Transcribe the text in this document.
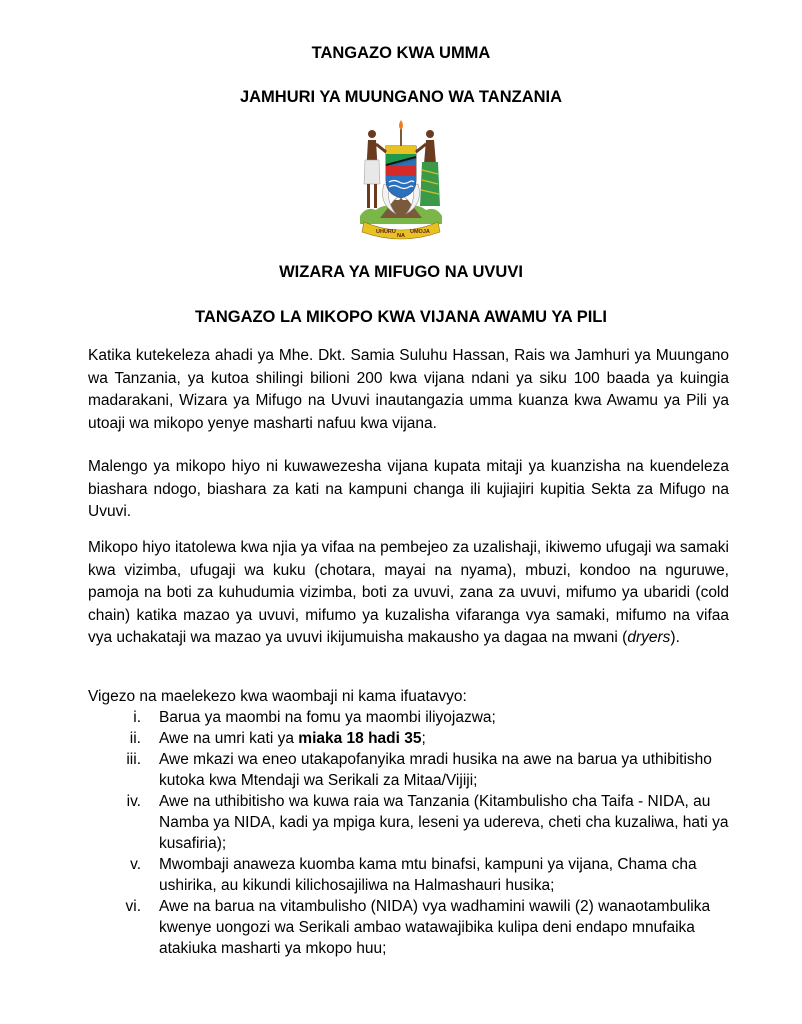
TANGAZO KWA UMMA
JAMHURI YA MUUNGANO WA TANZANIA
UHURU
NA
UMOJA
WIZARA YA MIFUGO NA UVUVI
TANGAZO LA MIKOPO KWA VIJANA AWAMU YA PILI

Katika kutekeleza ahadi ya Mhe. Dkt. Samia Suluhu Hassan, Rais wa Jamhuri ya Muungano wa Tanzania, ya kutoa shilingi bilioni 200 kwa vijana ndani ya siku 100 baada ya kuingia madarakani, Wizara ya Mifugo na Uvuvi inautangazia umma kuanza kwa Awamu ya Pili ya utoaji wa mikopo yenye masharti nafuu kwa vijana.

Malengo ya mikopo hiyo ni kuwawezesha vijana kupata mitaji ya kuanzisha na kuendeleza biashara ndogo, biashara za kati na kampuni changa ili kujiajiri kupitia Sekta za Mifugo na Uvuvi.

Mikopo hiyo itatolewa kwa njia ya vifaa na pembejeo za uzalishaji, ikiwemo ufugaji wa samaki kwa vizimba, ufugaji wa kuku (chotara, mayai na nyama), mbuzi, kondoo na nguruwe, pamoja na boti za kuhudumia vizimba, boti za uvuvi, zana za uvuvi, mifumo ya ubaridi (cold chain) katika mazao ya uvuvi, mifumo ya kuzalisha vifaranga vya samaki, mifumo na vifaa vya uchakataji wa mazao ya uvuvi ikijumuisha makausho ya dagaa na mwani (dryers).

Vigezo na maelekezo kwa waombaji ni kama ifuatavyo:

i. Barua ya maombi na fomu ya maombi iliyojazwa;
ii. Awe na umri kati ya miaka 18 hadi 35;
iii. Awe mkazi wa eneo utakapofanyika mradi husika na awe na barua ya uthibitisho kutoka kwa Mtendaji wa Serikali za Mitaa/Vijiji;
iv. Awe na uthibitisho wa kuwa raia wa Tanzania (Kitambulisho cha Taifa - NIDA, au Namba ya NIDA, kadi ya mpiga kura, leseni ya udereva, cheti cha kuzaliwa, hati ya kusafiria);
v. Mwombaji anaweza kuomba kama mtu binafsi, kampuni ya vijana, Chama cha ushirika, au kikundi kilichosajiliwa na Halmashauri husika;
vi. Awe na barua na vitambulisho (NIDA) vya wadhamini wawili (2) wanaotambulika kwenye uongozi wa Serikali ambao watawajibika kulipa deni endapo mnufaika atakiuka masharti ya mkopo huu;
